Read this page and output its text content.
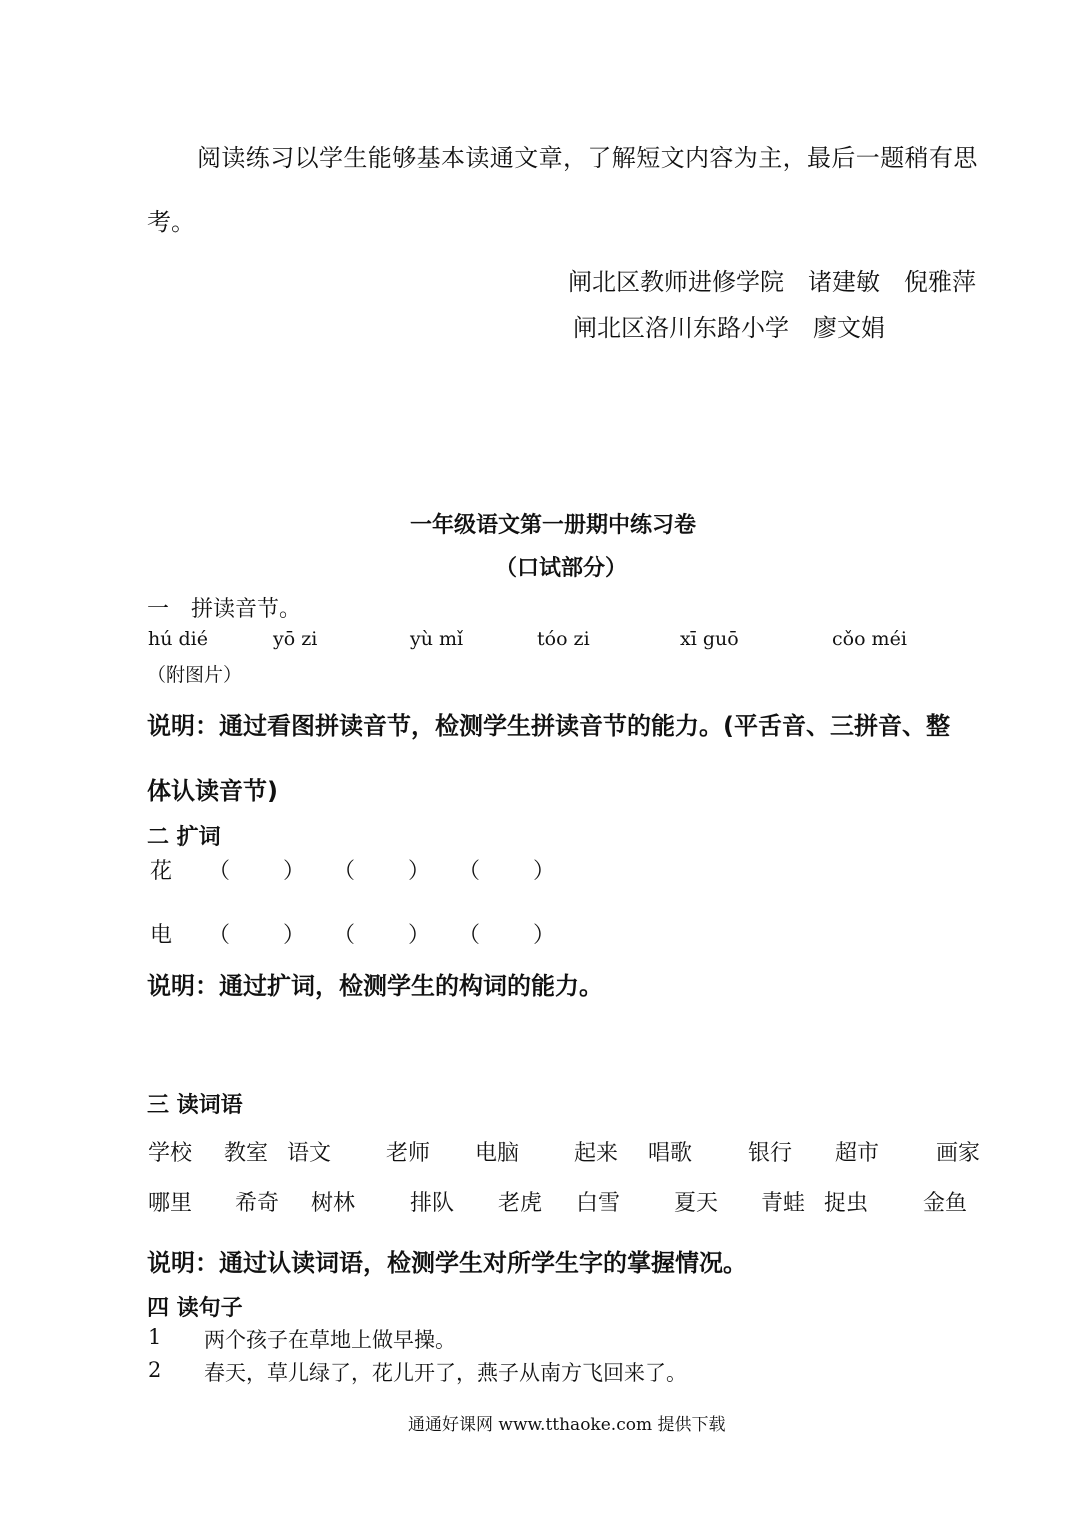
阅读练习以学生能够基本读通文章，了解短文内容为主，最后一题稍有思
考。
闸北区教师进修学院　诸建敏　倪雅萍
闸北区洛川东路小学　廖文娟
一年级语文第一册期中练习卷
（口试部分）
一　拼读音节。
hú dié	yō zi	yù mǐ	tóo zi	xī guō	cǒo méi
（附图片）
说明：通过看图拼读音节，检测学生拼读音节的能力。(平舌音、三拼音、整
体认读音节)
二 扩词
花 （ ） （ ） （ ）
电 （ ） （ ） （ ）
说明：通过扩词，检测学生的构词的能力。
三 读词语
学校 教室 语文 老师 电脑 起来 唱歌	银行 超市	画家
哪里 希奇 树林 排队 老虎 白雪 夏天 青蛙 捉虫 金鱼
说明：通过认读词语，检测学生对所学生字的掌握情况。
四 读句子
1 两个孩子在草地上做早操。
2 春天，草儿绿了，花儿开了，燕子从南方飞回来了。
通通好课网 www.tthaoke.com 提供下载
